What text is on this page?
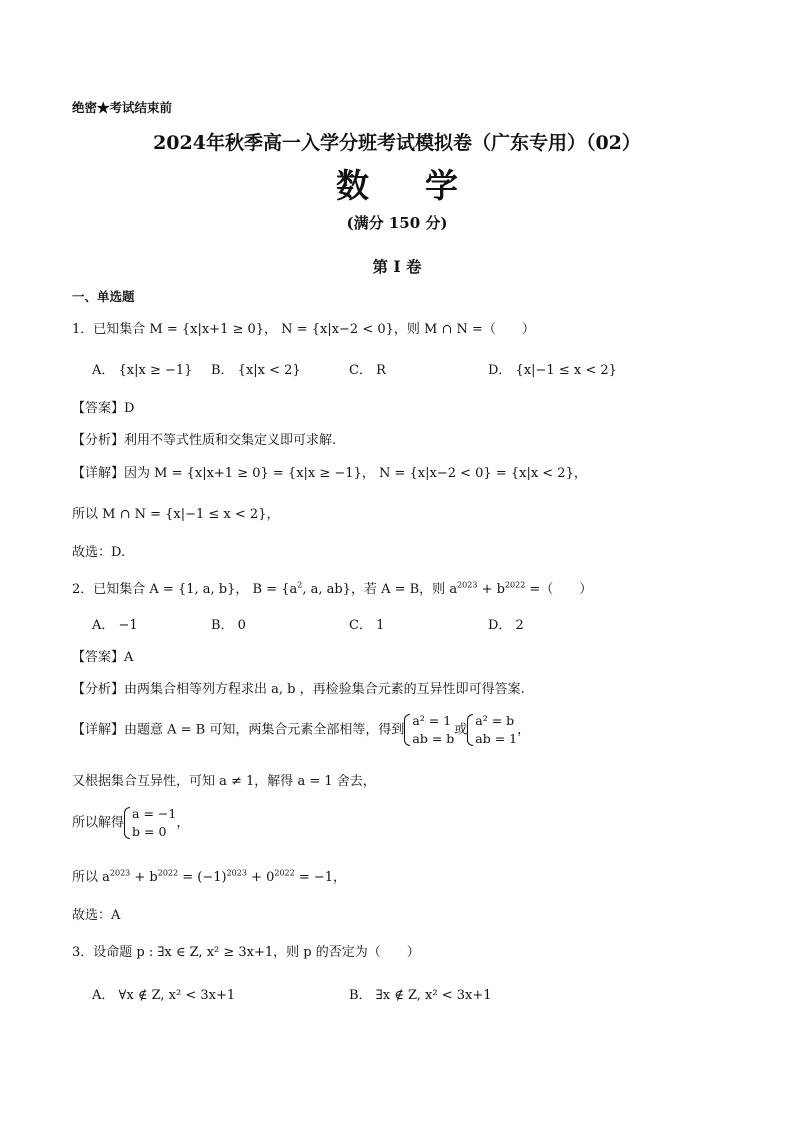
绝密★考试结束前
2024年秋季高一入学分班考试模拟卷（广东专用）（02）
数学
(满分 150 分)
第 I 卷
一、单选题
1．已知集合 M = {x|x+1 ≥ 0}， N = {x|x−2 < 0}，则 M ∩ N =（　　）
A． {x|x ≥ −1} B． {x|x < 2}	C． R	D． {x|−1 ≤ x < 2}
【答案】D
【分析】利用不等式性质和交集定义即可求解.
【详解】因为 M = {x|x+1 ≥ 0} = {x|x ≥ −1}， N = {x|x−2 < 0} = {x|x < 2}，
所以 M ∩ N = {x|−1 ≤ x < 2}，
故选：D.
2．已知集合 A = {1, a, b}， $B = \{a^2$, a, ab}，若 A = B，则 $a^{2023} + b^{2022}$ =（　　）
A． −1	B． 0	C． 1	D． 2
【答案】A
【分析】由两集合相等列方程求出 a, b ，再检验集合元素的互异性即可得答案.
【详解】由题意 A = B 可知，两集合元素全部相等，得到
a² = 1
ab = b
或
a² = b
ab = 1
，
又根据集合互异性，可知 a ≠ 1，解得 a = 1 舍去，
所以解得
a = −1
b = 0
，
所以 $a^{2023} + b^{2022} = (-1)^{2023} + 0^{2022} = -1$，
故选：A
3．设命题 p : ∃x ∈ Z, x² ≥ 3x+1，则 p 的否定为（　　）
A． ∀x ∉ Z, x² < 3x+1	B． ∃x ∉ Z, x² < 3x+1
